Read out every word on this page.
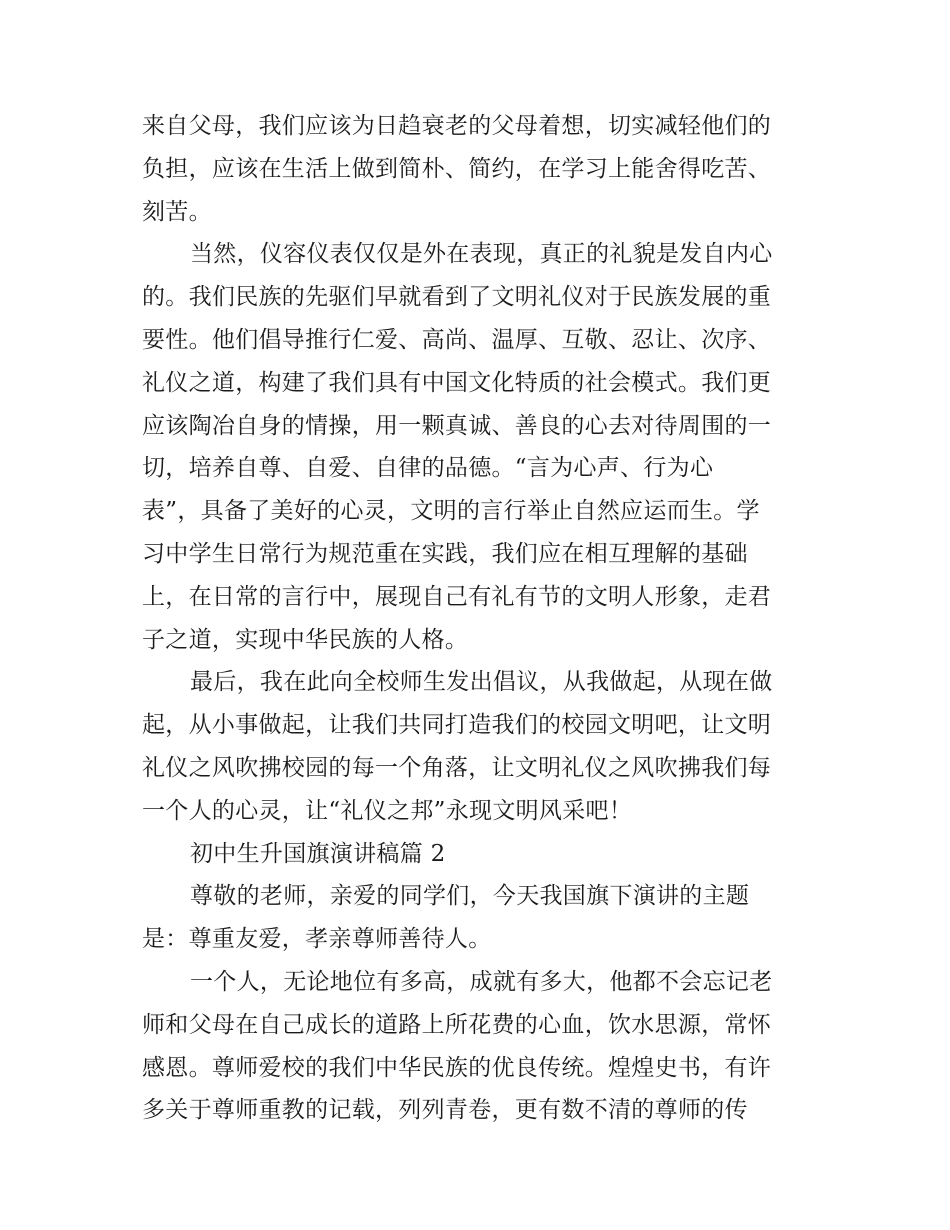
来自父母，我们应该为日趋衰老的父母着想，切实减轻他们的
负担，应该在生活上做到简朴、简约，在学习上能舍得吃苦、
刻苦。
当然，仪容仪表仅仅是外在表现，真正的礼貌是发自内心
的。我们民族的先驱们早就看到了文明礼仪对于民族发展的重
要性。他们倡导推行仁爱、高尚、温厚、互敬、忍让、次序、
礼仪之道，构建了我们具有中国文化特质的社会模式。我们更
应该陶冶自身的情操，用一颗真诚、善良的心去对待周围的一
切，培养自尊、自爱、自律的品德。“言为心声、行为心
表”，具备了美好的心灵，文明的言行举止自然应运而生。学
习中学生日常行为规范重在实践，我们应在相互理解的基础
上，在日常的言行中，展现自己有礼有节的文明人形象，走君
子之道，实现中华民族的人格。
最后，我在此向全校师生发出倡议，从我做起，从现在做
起，从小事做起，让我们共同打造我们的校园文明吧，让文明
礼仪之风吹拂校园的每一个角落，让文明礼仪之风吹拂我们每
一个人的心灵，让“礼仪之邦”永现文明风采吧！
初中生升国旗演讲稿篇 2
尊敬的老师，亲爱的同学们，今天我国旗下演讲的主题
是：尊重友爱，孝亲尊师善待人。
一个人，无论地位有多高，成就有多大，他都不会忘记老
师和父母在自己成长的道路上所花费的心血，饮水思源，常怀
感恩。尊师爱校的我们中华民族的优良传统。煌煌史书，有许
多关于尊师重教的记载，列列青卷，更有数不清的尊师的传
